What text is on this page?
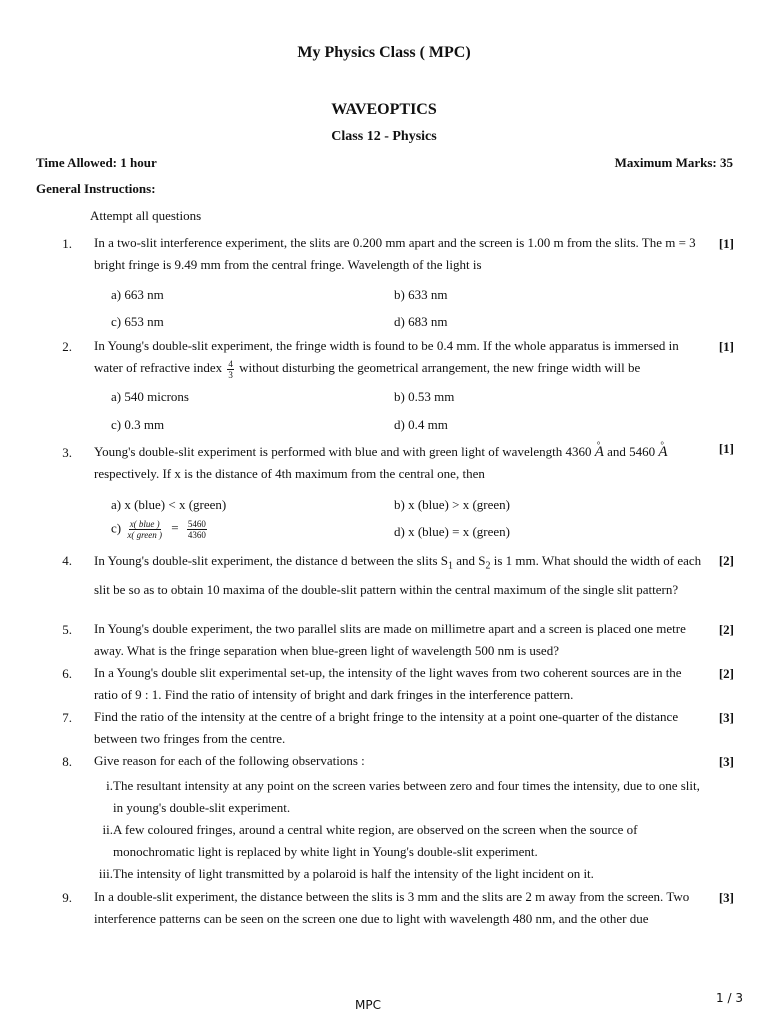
My Physics Class ( MPC)
WAVEOPTICS
Class 12 - Physics
Time Allowed: 1 hour	Maximum Marks: 35
General Instructions:
Attempt all questions
1. In a two-slit interference experiment, the slits are 0.200 mm apart and the screen is 1.00 m from the slits. The m = 3 bright fringe is 9.49 mm from the central fringe. Wavelength of the light is
[1]
a) 663 nm	b) 633 nm
c) 653 nm	d) 683 nm
2. In Young's double-slit experiment, the fringe width is found to be 0.4 mm. If the whole apparatus is immersed in water of refractive index $\frac{4}{3}$ without disturbing the geometrical arrangement, the new fringe width will be
[1]
a) 540 microns	b) 0.53 mm
c) 0.3 mm	d) 0.4 mm
3. Young's double-slit experiment is performed with blue and with green light of wavelength 4360 ° A and 5460 ° A respectively. If x is the distance of 4th maximum from the central one, then
[1]
a) x (blue) < x (green)	b) x (blue) > x (green)
$c) \frac{\text{x( blue )}}{\text{x( green )}} = \frac{5460}{4360}$	d) x (blue) = x (green)
4. In Young's double-slit experiment, the distance d between the slits $S_1$ and $S_2$ is 1 mm. What should the width of each slit be so as to obtain 10 maxima of the double-slit pattern within the central maximum of the single slit pattern?
[2]
5. In Young's double experiment, the two parallel slits are made on millimetre apart and a screen is placed one metre away. What is the fringe separation when blue-green light of wavelength 500 nm is used?
[2]
6. In a Young's double slit experimental set-up, the intensity of the light waves from two coherent sources are in the ratio of 9 : 1. Find the ratio of intensity of bright and dark fringes in the interference pattern.
[2]
7. Find the ratio of the intensity at the centre of a bright fringe to the intensity at a point one-quarter of the distance between two fringes from the centre.
[3]
8. Give reason for each of the following observations :	[3]
i. The resultant intensity at any point on the screen varies between zero and four times the intensity, due to one slit, in young's double-slit experiment.
ii. A few coloured fringes, around a central white region, are observed on the screen when the source of monochromatic light is replaced by white light in Young's double-slit experiment.
iii. The intensity of light transmitted by a polaroid is half the intensity of the light incident on it.
9. In a double-slit experiment, the distance between the slits is 3 mm and the slits are 2 m away from the screen. Two interference patterns can be seen on the screen one due to light with wavelength 480 nm, and the other due
[3]
MPC	1 / 3
